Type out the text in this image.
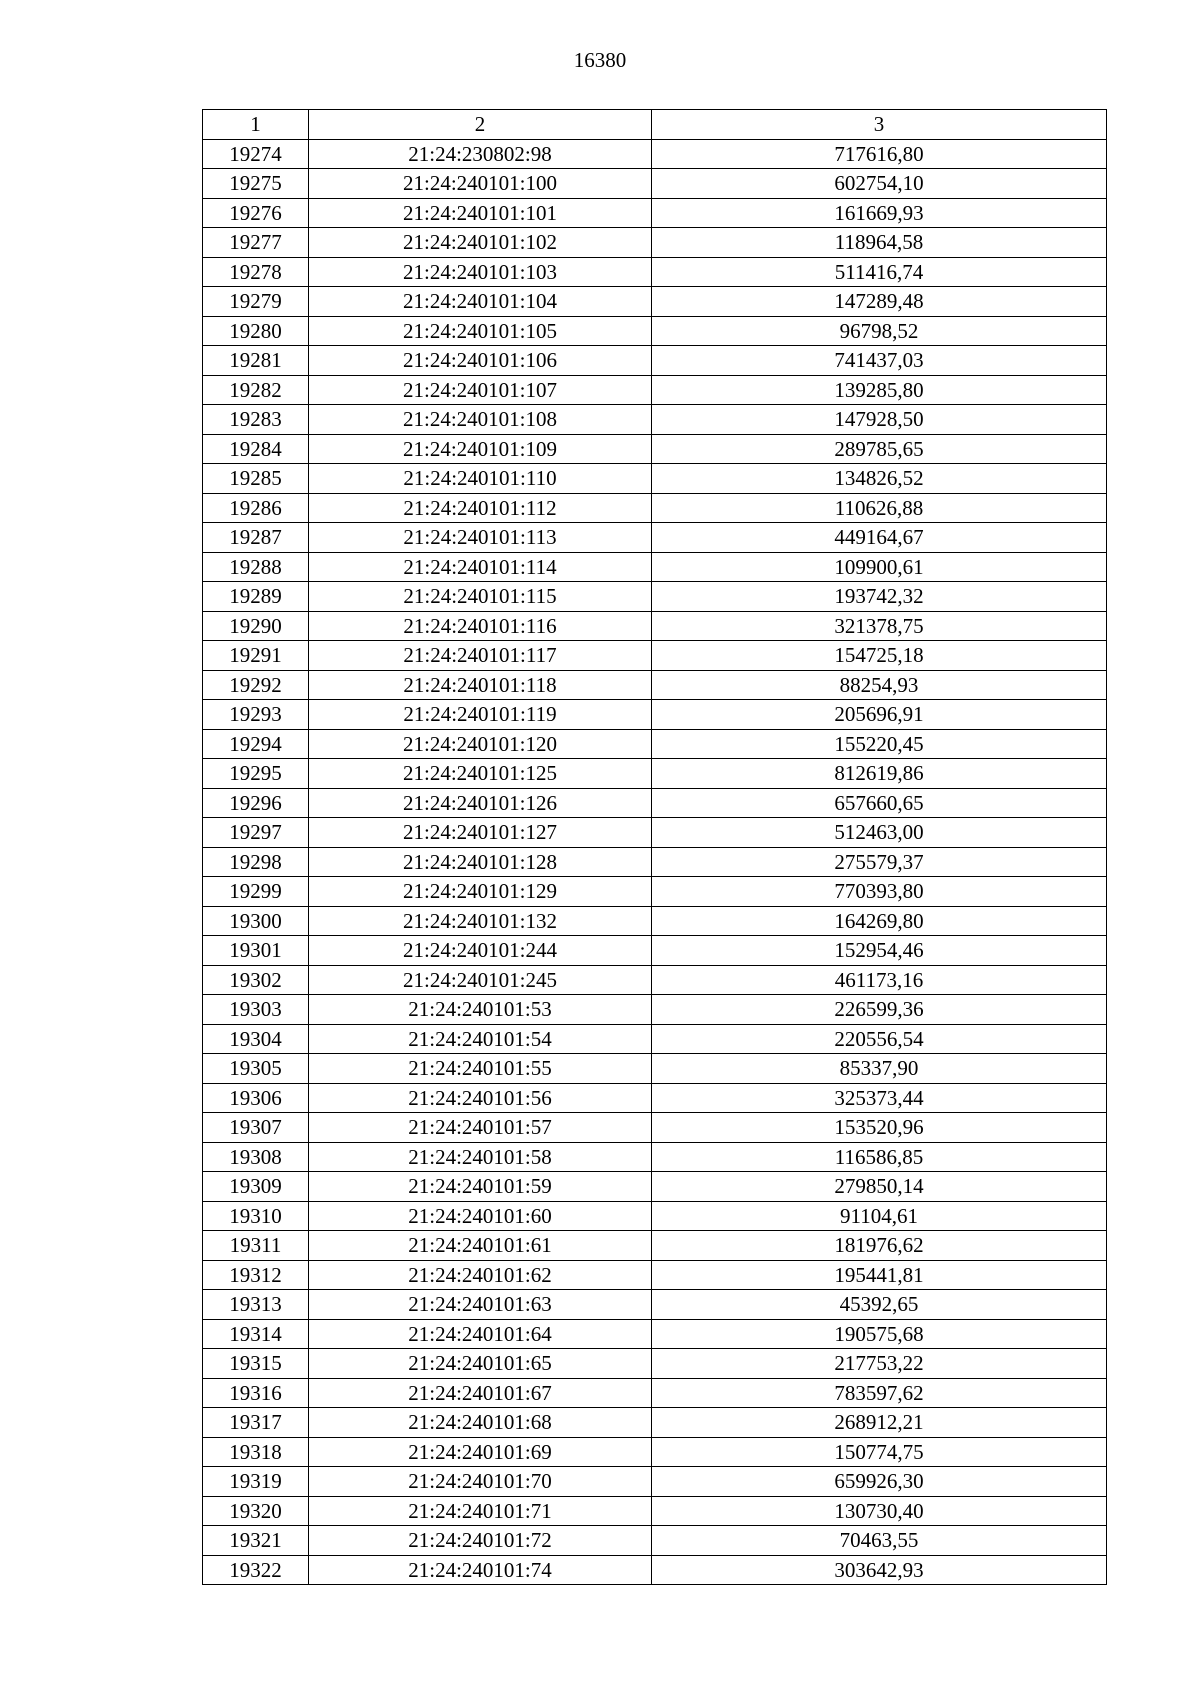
16380
1	2	3
19274	21:24:230802:98	717616,80
19275	21:24:240101:100	602754,10
19276	21:24:240101:101	161669,93
19277	21:24:240101:102	118964,58
19278	21:24:240101:103	511416,74
19279	21:24:240101:104	147289,48
19280	21:24:240101:105	96798,52
19281	21:24:240101:106	741437,03
19282	21:24:240101:107	139285,80
19283	21:24:240101:108	147928,50
19284	21:24:240101:109	289785,65
19285	21:24:240101:110	134826,52
19286	21:24:240101:112	110626,88
19287	21:24:240101:113	449164,67
19288	21:24:240101:114	109900,61
19289	21:24:240101:115	193742,32
19290	21:24:240101:116	321378,75
19291	21:24:240101:117	154725,18
19292	21:24:240101:118	88254,93
19293	21:24:240101:119	205696,91
19294	21:24:240101:120	155220,45
19295	21:24:240101:125	812619,86
19296	21:24:240101:126	657660,65
19297	21:24:240101:127	512463,00
19298	21:24:240101:128	275579,37
19299	21:24:240101:129	770393,80
19300	21:24:240101:132	164269,80
19301	21:24:240101:244	152954,46
19302	21:24:240101:245	461173,16
19303	21:24:240101:53	226599,36
19304	21:24:240101:54	220556,54
19305	21:24:240101:55	85337,90
19306	21:24:240101:56	325373,44
19307	21:24:240101:57	153520,96
19308	21:24:240101:58	116586,85
19309	21:24:240101:59	279850,14
19310	21:24:240101:60	91104,61
19311	21:24:240101:61	181976,62
19312	21:24:240101:62	195441,81
19313	21:24:240101:63	45392,65
19314	21:24:240101:64	190575,68
19315	21:24:240101:65	217753,22
19316	21:24:240101:67	783597,62
19317	21:24:240101:68	268912,21
19318	21:24:240101:69	150774,75
19319	21:24:240101:70	659926,30
19320	21:24:240101:71	130730,40
19321	21:24:240101:72	70463,55
19322	21:24:240101:74	303642,93
